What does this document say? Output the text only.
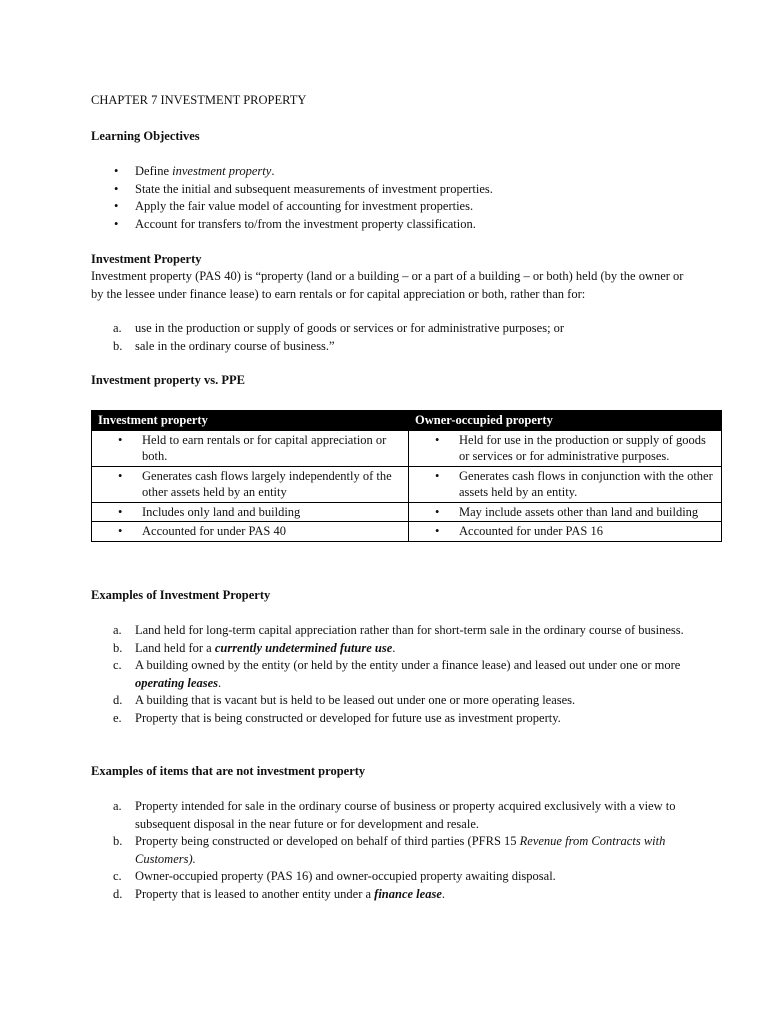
CHAPTER 7 INVESTMENT PROPERTY
Learning Objectives
• Define investment property.
• State the initial and subsequent measurements of investment properties.
• Apply the fair value model of accounting for investment properties.
• Account for transfers to/from the investment property classification.
Investment Property

Investment property (PAS 40) is “property (land or a building – or a part of a building – or both) held (by the owner or by the lessee under finance lease) to earn rentals or for capital appreciation or both, rather than for:

a. use in the production or supply of goods or services or for administrative purposes; or
b. sale in the ordinary course of business.”
Investment property vs. PPE
Investment property	Owner-occupied property

• Held to earn rentals or for capital appreciation or both.	• Held for use in the production or supply of goods or services or for administrative purposes.

• Generates cash flows largely independently of the other assets held by an entity	• Generates cash flows in conjunction with the other assets held by an entity.

• Includes only land and building	• May include assets other than land and building

• Accounted for under PAS 40	• Accounted for under PAS 16
Examples of Investment Property
a. Land held for long-term capital appreciation rather than for short-term sale in the ordinary course of business.
b. Land held for a currently undetermined future use.
c. A building owned by the entity (or held by the entity under a finance lease) and leased out under one or more operating leases.
d. A building that is vacant but is held to be leased out under one or more operating leases.
e. Property that is being constructed or developed for future use as investment property.
Examples of items that are not investment property
a. Property intended for sale in the ordinary course of business or property acquired exclusively with a view to subsequent disposal in the near future or for development and resale.
b. Property being constructed or developed on behalf of third parties (PFRS 15 Revenue from Contracts with Customers).
c. Owner-occupied property (PAS 16) and owner-occupied property awaiting disposal.
d. Property that is leased to another entity under a finance lease.
